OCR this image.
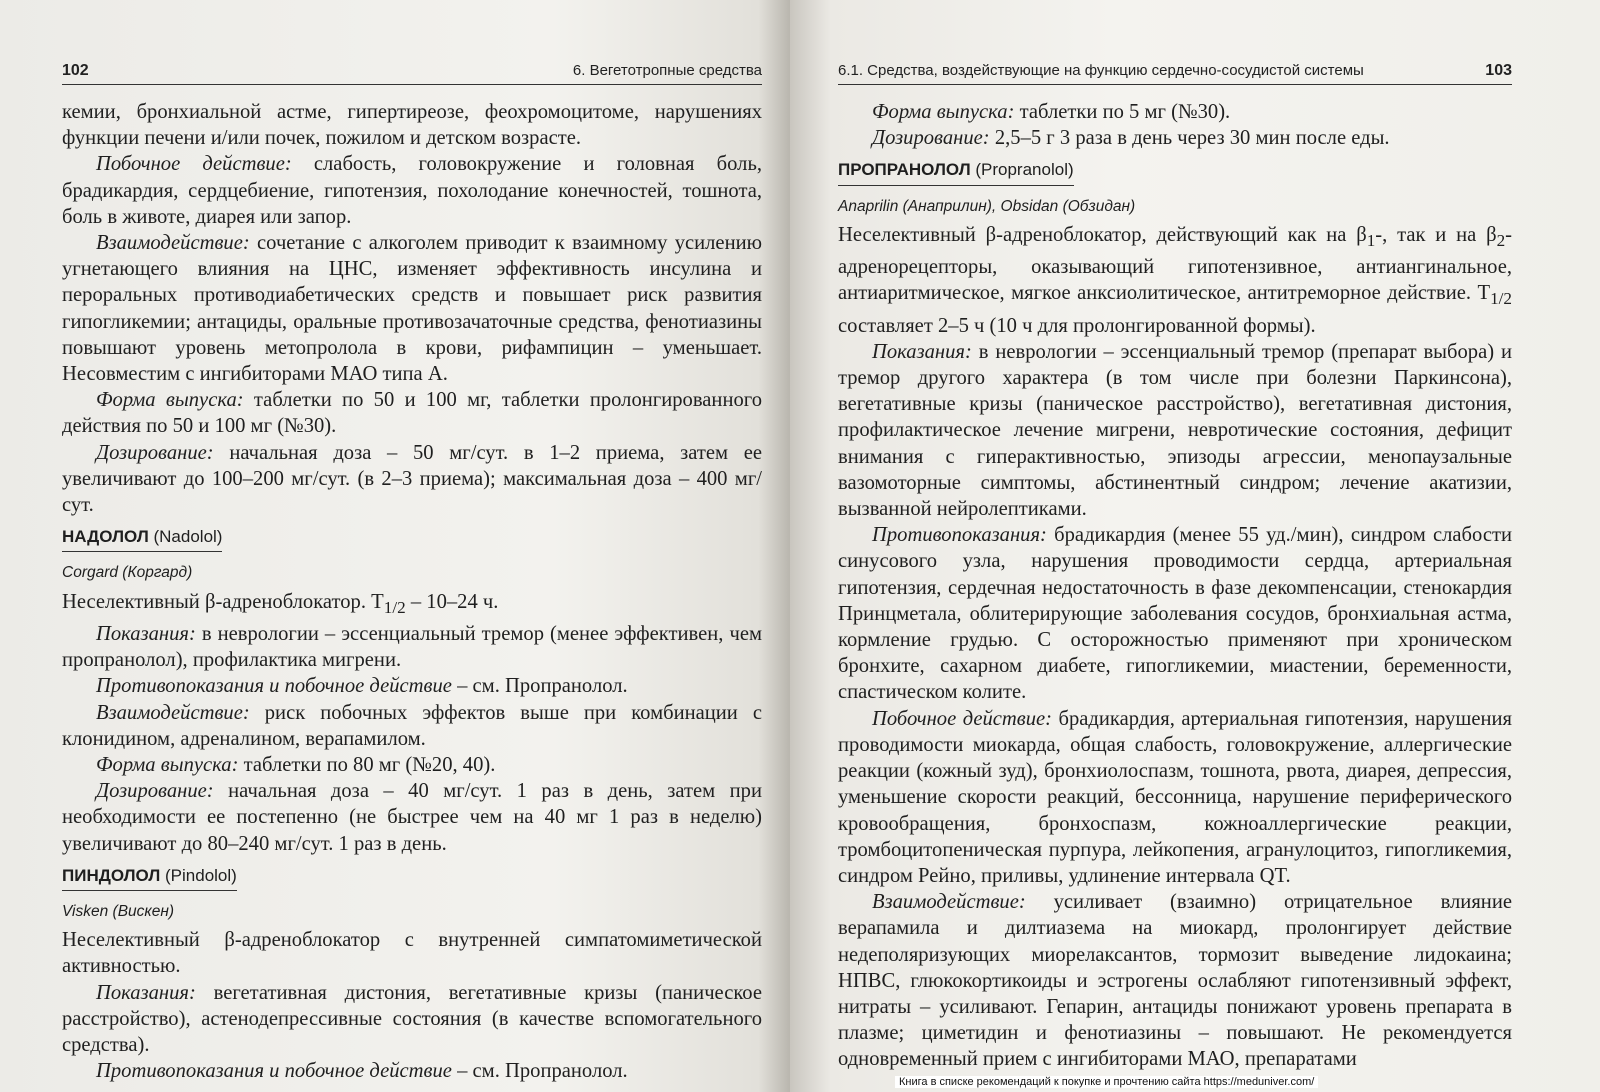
102	6. Вегетотропные средства

кемии, бронхиальной астме, гипертиреозе, феохромоцитоме, нарушениях функции печени и/или почек, пожилом и детском возрасте.

Побочное действие: слабость, головокружение и головная боль, брадикардия, сердцебиение, гипотензия, похолодание конечностей, тошнота, боль в животе, диарея или запор.

Взаимодействие: сочетание с алкоголем приводит к взаимному усилению угнетающего влияния на ЦНС, изменяет эффективность инсулина и пероральных противодиабетических средств и повышает риск развития гипогликемии; антациды, оральные противозачаточные средства, фенотиазины повышают уровень метопролола в крови, рифампицин – уменьшает. Несовместим с ингибиторами МАО типа А.

Форма выпуска: таблетки по 50 и 100 мг, таблетки пролонгированного действия по 50 и 100 мг (№30).

Дозирование: начальная доза – 50 мг/сут. в 1–2 приема, затем ее увеличивают до 100–200 мг/сут. (в 2–3 приема); максимальная доза – 400 мг/сут.

НАДОЛОЛ (Nadolol)
Corgard (Коргард)

Неселективный β-адреноблокатор. $T_{1/2} - 10-24$ ч.

Показания: в неврологии – эссенциальный тремор (менее эффективен, чем пропранолол), профилактика мигрени.

Противопоказания и побочное действие – см. Пропранолол.

Взаимодействие: риск побочных эффектов выше при комбинации с клонидином, адреналином, верапамилом.

Форма выпуска: таблетки по 80 мг (№20, 40).

Дозирование: начальная доза – 40 мг/сут. 1 раз в день, затем при необходимости ее постепенно (не быстрее чем на 40 мг 1 раз в неделю) увеличивают до 80–240 мг/сут. 1 раз в день.

ПИНДОЛОЛ (Pindolol)
Visken (Вискен)

Неселективный β-адреноблокатор с внутренней симпатомиметической активностью.

Показания: вегетативная дистония, вегетативные кризы (паническое расстройство), астенодепрессивные состояния (в качестве вспомогательного средства).

Противопоказания и побочное действие – см. Пропранолол.

6.1. Средства, воздействующие на функцию сердечно-сосудистой системы	103

Форма выпуска: таблетки по 5 мг (№30).

Дозирование: 2,5–5 г 3 раза в день через 30 мин после еды.

ПРОПРАНОЛОЛ (Propranolol)
Anaprilin (Анаприлин), Obsidan (Обзидан)

Неселективный β-адреноблокатор, действующий как на $\beta_1-$, так и на $\beta_2$-адренорецепторы, оказывающий гипотензивное, антиангинальное, антиаритмическое, мягкое анксиолитическое, антитреморное действие. $T_{1/2}$ составляет 2–5 ч (10 ч для пролонгированной формы).

Показания: в неврологии – эссенциальный тремор (препарат выбора) и тремор другого характера (в том числе при болезни Паркинсона), вегетативные кризы (паническое расстройство), вегетативная дистония, профилактическое лечение мигрени, невротические состояния, дефицит внимания с гиперактивностью, эпизоды агрессии, менопаузальные вазомоторные симптомы, абстинентный синдром; лечение акатизии, вызванной нейролептиками.

Противопоказания: брадикардия (менее 55 уд./мин), синдром слабости синусового узла, нарушения проводимости сердца, артериальная гипотензия, сердечная недостаточность в фазе декомпенсации, стенокардия Принцметала, облитерирующие заболевания сосудов, бронхиальная астма, кормление грудью. С осторожностью применяют при хроническом бронхите, сахарном диабете, гипогликемии, миастении, беременности, спастическом колите.

Побочное действие: брадикардия, артериальная гипотензия, нарушения проводимости миокарда, общая слабость, головокружение, аллергические реакции (кожный зуд), бронхиолоспазм, тошнота, рвота, диарея, депрессия, уменьшение скорости реакций, бессонница, нарушение периферического кровообращения, бронхоспазм, кожноаллергические реакции, тромбоцитопеническая пурпура, лейкопения, агранулоцитоз, гипогликемия, синдром Рейно, приливы, удлинение интервала QT.

Взаимодействие: усиливает (взаимно) отрицательное влияние верапамила и дилтиазема на миокард, пролонгирует действие недеполяризующих миорелаксантов, тормозит выведение лидокаина; НПВС, глюкокортикоиды и эстрогены ослабляют гипотензивный эффект, нитраты – усиливают. Гепарин, антациды понижают уровень препарата в плазме; циметидин и фенотиазины – повышают. Не рекомендуется одновременный прием с ингибиторами МАО, препаратами

Книга в списке рекомендаций к покупке и прочтению сайта https://meduniver.com/
